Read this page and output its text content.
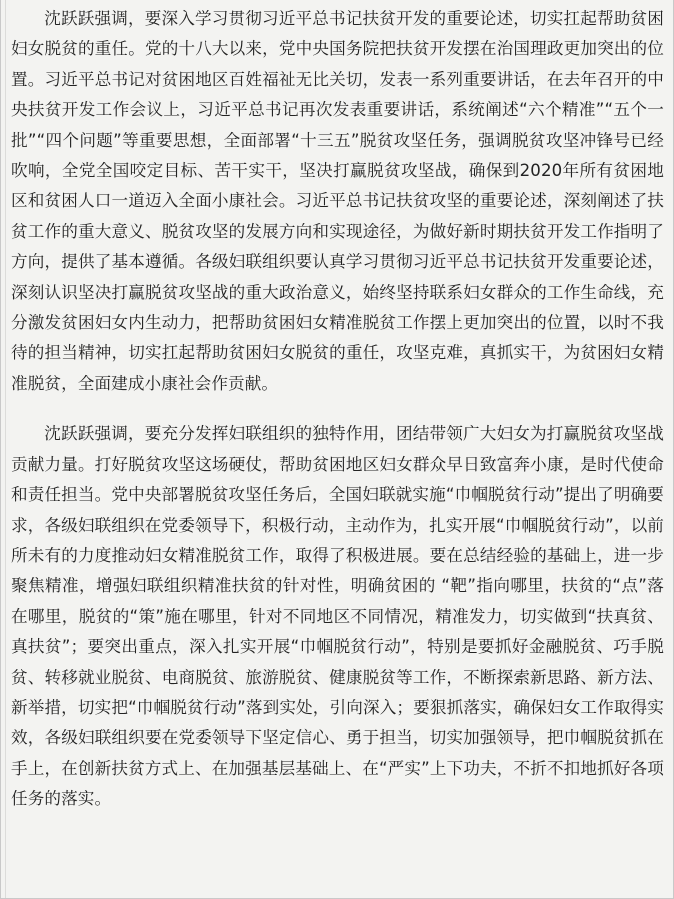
沈跃跃强调，要深入学习贯彻习近平总书记扶贫开发的重要论述，切实扛起帮助贫困妇女脱贫的重任。党的十八大以来，党中央国务院把扶贫开发摆在治国理政更加突出的位置。习近平总书记对贫困地区百姓福祉无比关切，发表一系列重要讲话，在去年召开的中央扶贫开发工作会议上，习近平总书记再次发表重要讲话，系统阐述“六个精准”“五个一批”“四个问题”等重要思想，全面部署“十三五”脱贫攻坚任务，强调脱贫攻坚冲锋号已经吹响，全党全国咬定目标、苦干实干，坚决打赢脱贫攻坚战，确保到2020年所有贫困地区和贫困人口一道迈入全面小康社会。习近平总书记扶贫攻坚的重要论述，深刻阐述了扶贫工作的重大意义、脱贫攻坚的发展方向和实现途径，为做好新时期扶贫开发工作指明了方向，提供了基本遵循。各级妇联组织要认真学习贯彻习近平总书记扶贫开发重要论述，深刻认识坚决打赢脱贫攻坚战的重大政治意义，始终坚持联系妇女群众的工作生命线，充分激发贫困妇女内生动力，把帮助贫困妇女精准脱贫工作摆上更加突出的位置，以时不我待的担当精神，切实扛起帮助贫困妇女脱贫的重任，攻坚克难，真抓实干，为贫困妇女精准脱贫，全面建成小康社会作贡献。

沈跃跃强调，要充分发挥妇联组织的独特作用，团结带领广大妇女为打赢脱贫攻坚战贡献力量。打好脱贫攻坚这场硬仗，帮助贫困地区妇女群众早日致富奔小康，是时代使命和责任担当。党中央部署脱贫攻坚任务后，全国妇联就实施“巾帼脱贫行动”提出了明确要求，各级妇联组织在党委领导下，积极行动，主动作为，扎实开展“巾帼脱贫行动”，以前所未有的力度推动妇女精准脱贫工作，取得了积极进展。要在总结经验的基础上，进一步聚焦精准，增强妇联组织精准扶贫的针对性，明确贫困的 “靶”指向哪里，扶贫的“点”落在哪里，脱贫的“策”施在哪里，针对不同地区不同情况，精准发力，切实做到“扶真贫、真扶贫”；要突出重点，深入扎实开展“巾帼脱贫行动”，特别是要抓好金融脱贫、巧手脱贫、转移就业脱贫、电商脱贫、旅游脱贫、健康脱贫等工作，不断探索新思路、新方法、新举措，切实把“巾帼脱贫行动”落到实处，引向深入；要狠抓落实，确保妇女工作取得实效，各级妇联组织要在党委领导下坚定信心、勇于担当，切实加强领导，把巾帼脱贫抓在手上，在创新扶贫方式上、在加强基层基础上、在“严实”上下功夫，不折不扣地抓好各项任务的落实。
